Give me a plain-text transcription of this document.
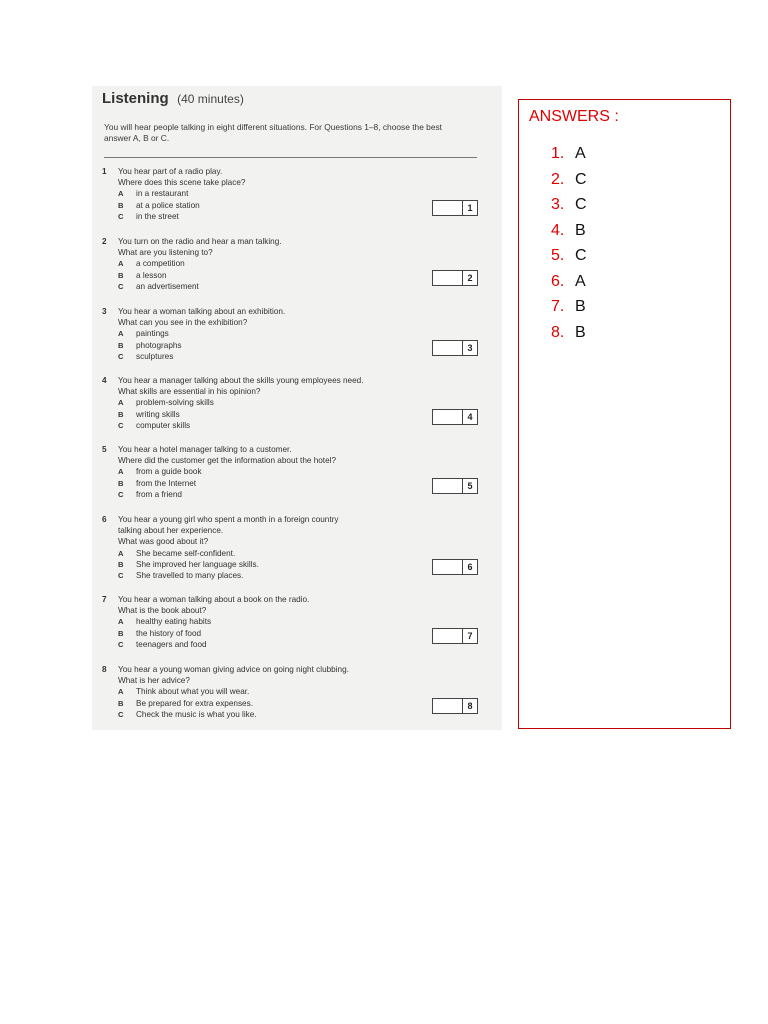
Listening (40 minutes)
You will hear people talking in eight different situations. For Questions 1–8, choose the best answer A, B or C.
1 You hear part of a radio play.
Where does this scene take place?
A in a restaurant
B at a police station
C in the street
1
2 You turn on the radio and hear a man talking.
What are you listening to?
A a competition
B a lesson
C an advertisement
2
3 You hear a woman talking about an exhibition.
What can you see in the exhibition?
A paintings
B photographs
C sculptures
3
4 You hear a manager talking about the skills young employees need.
What skills are essential in his opinion?
A problem-solving skills
B writing skills
C computer skills
4
5 You hear a hotel manager talking to a customer.
Where did the customer get the information about the hotel?
A from a guide book
B from the Internet
C from a friend
5
6 You hear a young girl who spent a month in a foreign country
talking about her experience.
What was good about it?
A She became self-confident.
B She improved her language skills.
C She travelled to many places.
6
7 You hear a woman talking about a book on the radio.
What is the book about?
A healthy eating habits
B the history of food
C teenagers and food
7
8 You hear a young woman giving advice on going night clubbing.
What is her advice?
A Think about what you will wear.
B Be prepared for extra expenses.
C Check the music is what you like.
8
ANSWERS :
1. A
2. C
3. C
4. B
5. C
6. A
7. B
8. B
